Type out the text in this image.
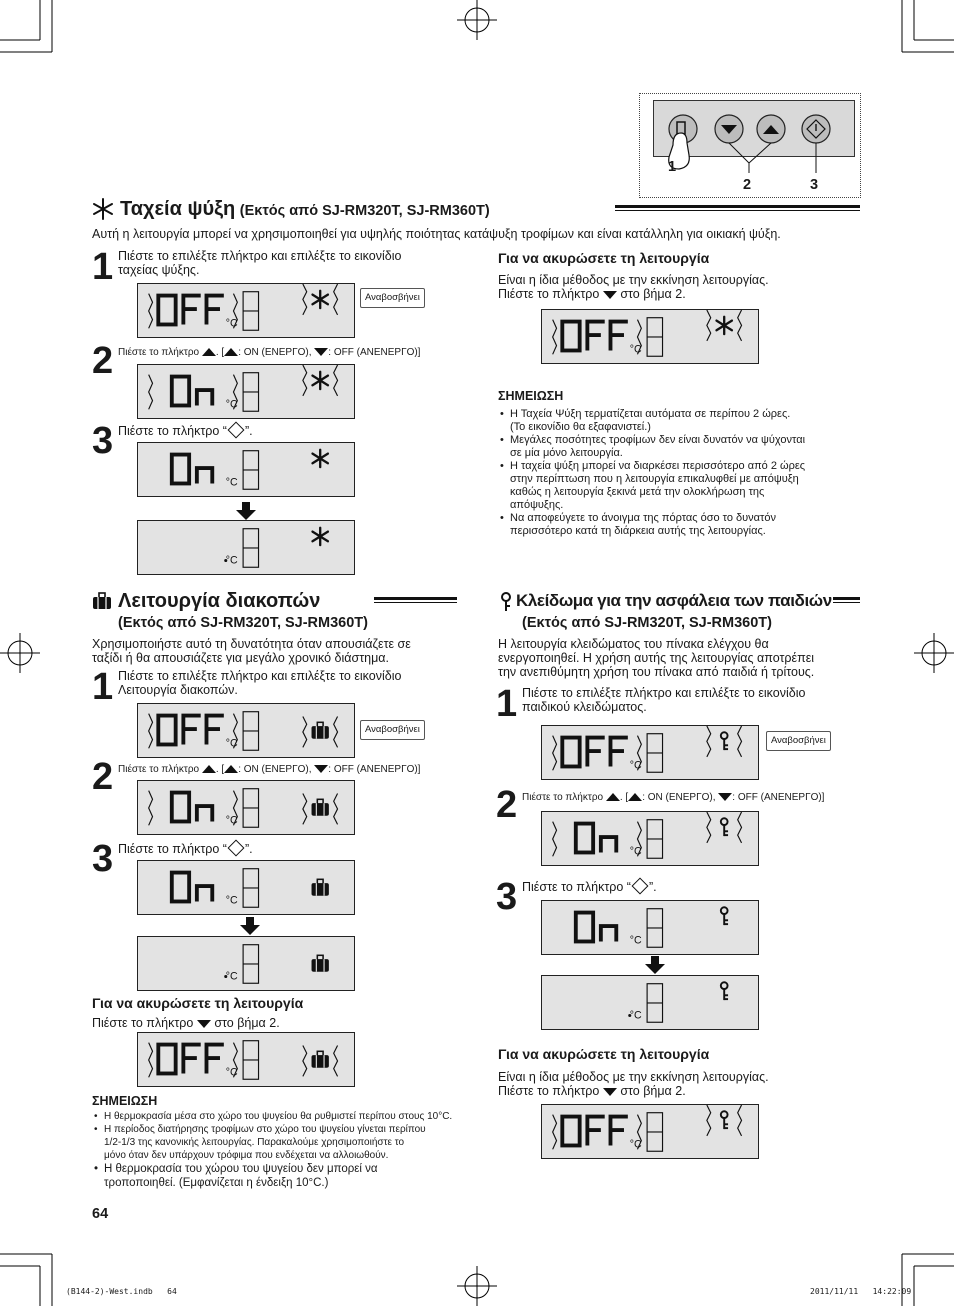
1
2	3
Ταχεία ψύξη (Εκτός από SJ-RM320T, SJ-RM360T)
Αυτή η λειτουργία μπορεί να χρησιμοποιηθεί για υψηλής ποιότητας κατάψυξη τροφίμων και είναι κατάλληλη για οικιακή ψύξη.
1 Πιέστε το επιλέξτε πλήκτρο και επιλέξτε το εικονίδιο
ταχείας ψύξης.
°C
Αναβοσβήνει
2 Πιέστε το πλήκτρο . [ : ON (ΕΝΕΡΓΟ), : OFF (ΑΝΕΝΕΡΓΟ)]
°C
3 Πιέστε το πλήκτρο “ ”.
°C
°C
Για να ακυρώσετε τη λειτουργία
Είναι η ίδια μέθοδος με την εκκίνηση λειτουργίας.
Πιέστε το πλήκτρο στο βήμα 2.
°C
ΣΗΜΕΙΩΣΗ
• Η Ταχεία Ψύξη τερματίζεται αυτόματα σε περίπου 2 ώρες.
(Το εικονίδιο θα εξαφανιστεί.)
• Μεγάλες ποσότητες τροφίμων δεν είναι δυνατόν να ψύχονται
σε μία μόνο λειτουργία.
• Η ταχεία ψύξη μπορεί να διαρκέσει περισσότερο από 2 ώρες
στην περίπτωση που η λειτουργία επικαλυφθεί με απόψυξη
καθώς η λειτουργία ξεκινά μετά την ολοκλήρωση της
απόψυξης.
• Να αποφεύγετε το άνοιγμα της πόρτας όσο το δυνατόν
περισσότερο κατά τη διάρκεια αυτής της λειτουργίας.
Λειτουργία διακοπών
(Εκτός από SJ-RM320T, SJ-RM360T)
Χρησιμοποιήστε αυτό τη δυνατότητα όταν απουσιάζετε σε
ταξίδι ή θα απουσιάζετε για μεγάλο χρονικό διάστημα.
1 Πιέστε το επιλέξτε πλήκτρο και επιλέξτε το εικονίδιο
Λειτουργία διακοπών.
°C
Αναβοσβήνει
2 Πιέστε το πλήκτρο . [ : ON (ΕΝΕΡΓΟ), : OFF (ΑΝΕΝΕΡΓΟ)]
°C
3 Πιέστε το πλήκτρο “ ”.
°C
°C
Για να ακυρώσετε τη λειτουργία
Πιέστε το πλήκτρο στο βήμα 2.
°C
ΣΗΜΕΙΩΣΗ
• Η θερμοκρασία μέσα στο χώρο του ψυγείου θα ρυθμιστεί περίπου στους 10°C.
• Η περίοδος διατήρησης τροφίμων στο χώρο του ψυγείου γίνεται περίπου
1/2-1/3 της κανονικής λειτουργίας. Παρακαλούμε χρησιμοποιήστε το
μόνο όταν δεν υπάρχουν τρόφιμα που ενδέχεται να αλλοιωθούν.
• Η θερμοκρασία του χώρου του ψυγείου δεν μπορεί να
τροποποιηθεί. (Εμφανίζεται η ένδειξη 10°C.)
Κλείδωμα για την ασφάλεια των παιδιών
(Εκτός από SJ-RM320T, SJ-RM360T)
Η λειτουργία κλειδώματος του πίνακα ελέγχου θα
ενεργοποιηθεί. Η χρήση αυτής της λειτουργίας αποτρέπει
την ανεπιθύμητη χρήση του πίνακα από παιδιά ή τρίτους.
1 Πιέστε το επιλέξτε πλήκτρο και επιλέξτε το εικονίδιο
παιδικού κλειδώματος.
°C
Αναβοσβήνει
2 Πιέστε το πλήκτρο . [ : ON (ΕΝΕΡΓΟ), : OFF (ΑΝΕΝΕΡΓΟ)]
°C
3 Πιέστε το πλήκτρο “ ”.
°C
°C
Για να ακυρώσετε τη λειτουργία
Είναι η ίδια μέθοδος με την εκκίνηση λειτουργίας.
Πιέστε το πλήκτρο στο βήμα 2.
°C
64
(B144-2)-West.indb   64	2011/11/11   14:22:09
